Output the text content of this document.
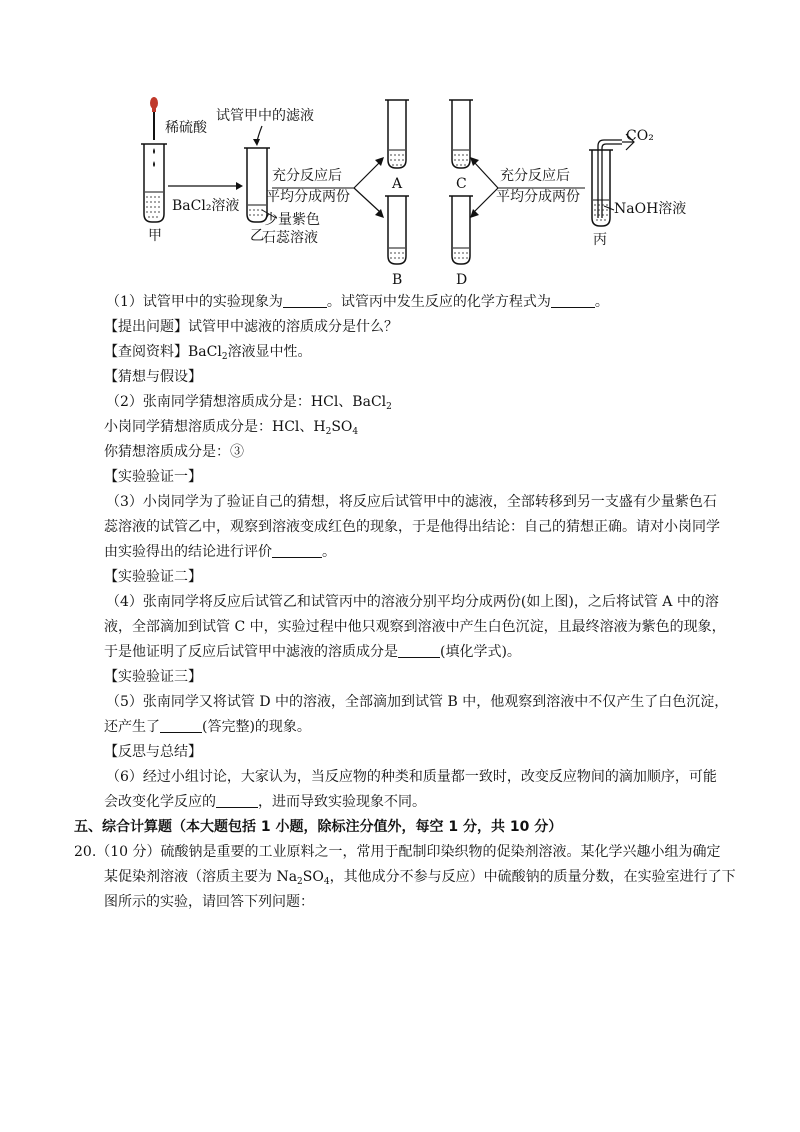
稀硫酸
试管甲中的滤液
BaCl₂溶液
甲	乙
少量紫色
石蕊溶液
充分反应后
平均分成两份
充分反应后
平均分成两份
A	C
B	D
CO₂
NaOH溶液
丙
（1）试管甲中的实验现象为	。试管丙中发生反应的化学方程式为	。
【提出问题】试管甲中滤液的溶质成分是什么？
【查阅资料】BaCl$_2$溶液显中性。
【猜想与假设】
（2）张南同学猜想溶质成分是：HCl、BaCl$_2$
小岗同学猜想溶质成分是：HCl、$H_2SO_4$
你猜想溶质成分是：③
【实验验证一】
（3）小岗同学为了验证自己的猜想，将反应后试管甲中的滤液，全部转移到另一支盛有少量紫色石
蕊溶液的试管乙中，观察到溶液变成红色的现象，于是他得出结论：自己的猜想正确。请对小岗同学
由实验得出的结论进行评价	。
【实验验证二】
（4）张南同学将反应后试管乙和试管丙中的溶液分别平均分成两份(如上图)，之后将试管 A 中的溶
液，全部滴加到试管 C 中，实验过程中他只观察到溶液中产生白色沉淀，且最终溶液为紫色的现象，
于是他证明了反应后试管甲中滤液的溶质成分是	(填化学式)。
【实验验证三】
（5）张南同学又将试管 D 中的溶液，全部滴加到试管 B 中，他观察到溶液中不仅产生了白色沉淀，
还产生了	(答完整)的现象。
【反思与总结】
（6）经过小组讨论，大家认为，当反应物的种类和质量都一致时，改变反应物间的滴加顺序，可能
会改变化学反应的	，进而导致实验现象不同。
五、综合计算题（本大题包括 1 小题，除标注分值外，每空 1 分，共 10 分）
20.（10 分）硫酸钠是重要的工业原料之一，常用于配制印染织物的促染剂溶液。某化学兴趣小组为确定
某促染剂溶液（溶质主要为 $Na_2SO_4$，其他成分不参与反应）中硫酸钠的质量分数，在实验室进行了下
图所示的实验，请回答下列问题：
